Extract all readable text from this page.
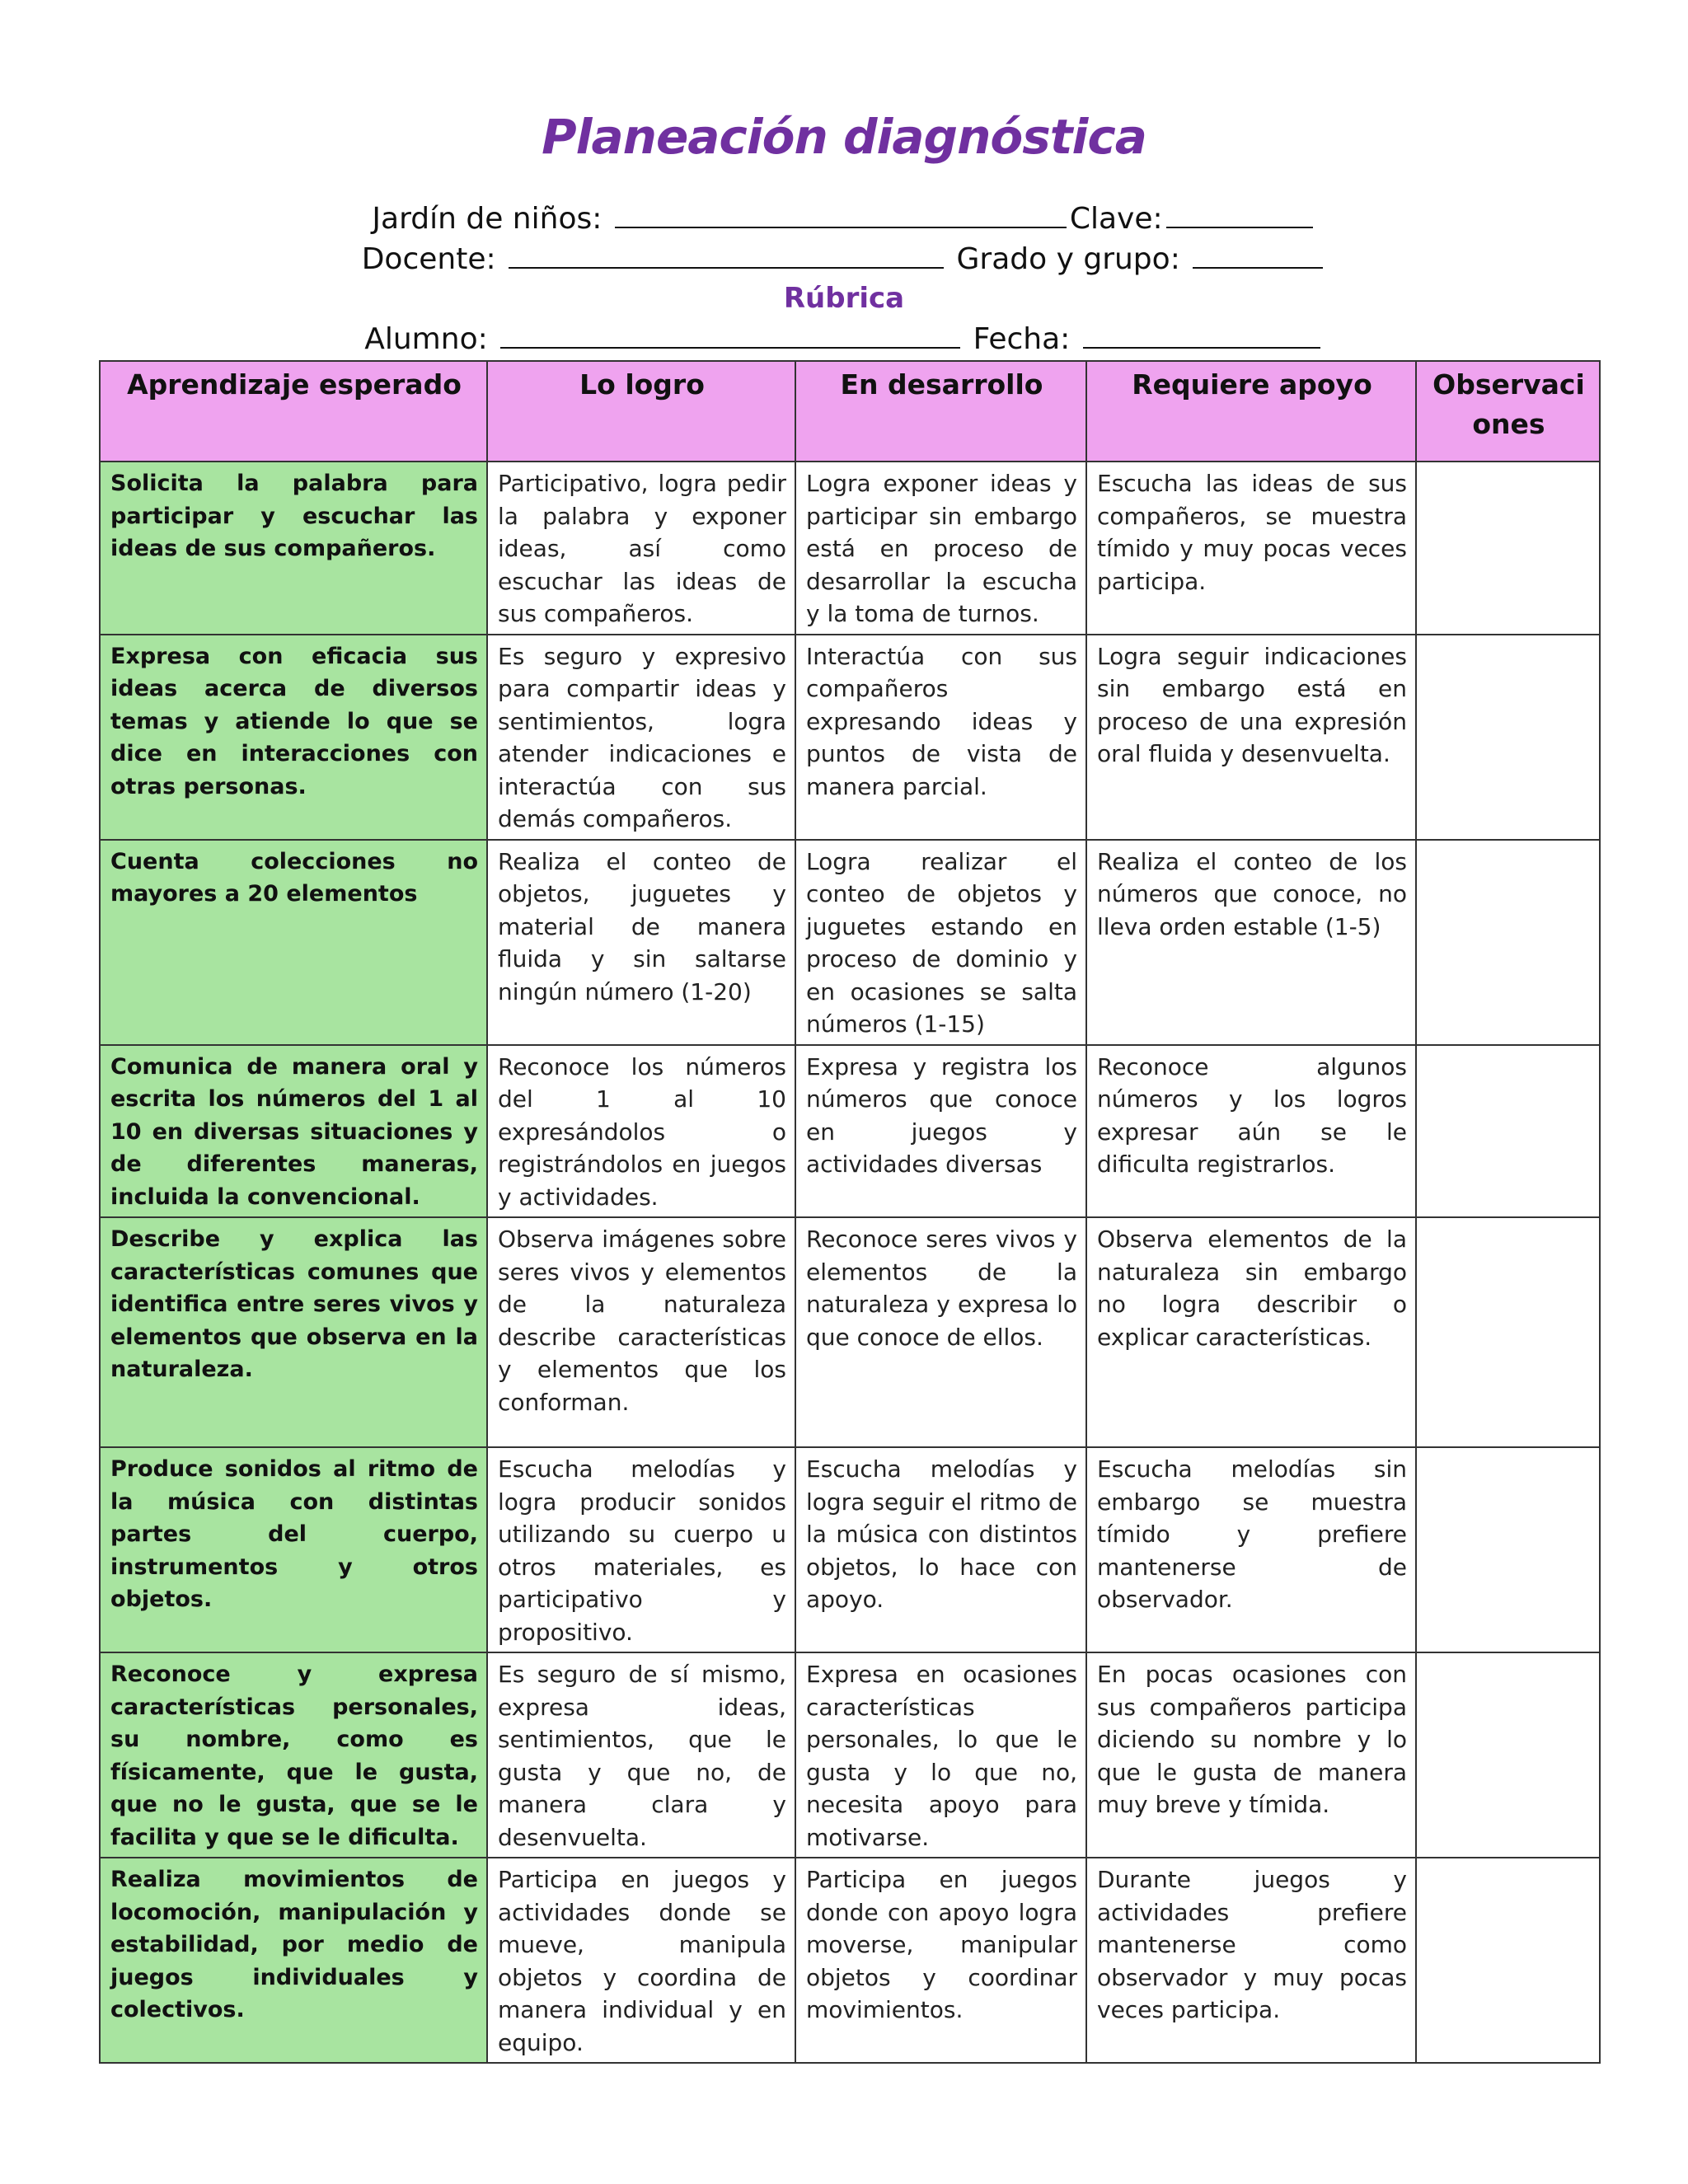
Planeación diagnóstica
Jardín de niños:	Clave:
Docente:	Grado y grupo:
Rúbrica
Alumno:	Fecha:
Aprendizaje esperado	Lo logro	En desarrollo	Requiere apoyo	Observaciones
Solicita la palabra para participar y escuchar las ideas de sus compañeros.	Participativo, logra pedir la palabra y exponer ideas, así como escuchar las ideas de sus compañeros.	Logra exponer ideas y participar sin embargo está en proceso de desarrollar la escucha y la toma de turnos.	Escucha las ideas de sus compañeros, se muestra tímido y muy pocas veces participa.	
Expresa con eficacia sus ideas acerca de diversos temas y atiende lo que se dice en interacciones con otras personas.	Es seguro y expresivo para compartir ideas y sentimientos, logra atender indicaciones e interactúa con sus demás compañeros.	Interactúa con sus compañeros expresando ideas y puntos de vista de manera parcial.	Logra seguir indicaciones sin embargo está en proceso de una expresión oral fluida y desenvuelta.	
Cuenta colecciones no mayores a 20 elementos	Realiza el conteo de objetos, juguetes y material de manera fluida y sin saltarse ningún número (1-20)	Logra realizar el conteo de objetos y juguetes estando en proceso de dominio y en ocasiones se salta números (1-15)	Realiza el conteo de los números que conoce, no lleva orden estable (1-5)	
Comunica de manera oral y escrita los números del 1 al 10 en diversas situaciones y de diferentes maneras, incluida la convencional.	Reconoce los números del 1 al 10 expresándolos o registrándolos en juegos y actividades.	Expresa y registra los números que conoce en juegos y actividades diversas	Reconoce algunos números y los logros expresar aún se le dificulta registrarlos.	
Describe y explica las características comunes que identifica entre seres vivos y elementos que observa en la naturaleza.	Observa imágenes sobre seres vivos y elementos de la naturaleza describe características y elementos que los conforman.	Reconoce seres vivos y elementos de la naturaleza y expresa lo que conoce de ellos.	Observa elementos de la naturaleza sin embargo no logra describir o explicar características.	
Produce sonidos al ritmo de la música con distintas partes del cuerpo, instrumentos y otros objetos.	Escucha melodías y logra producir sonidos utilizando su cuerpo u otros materiales, es participativo y propositivo.	Escucha melodías y logra seguir el ritmo de la música con distintos objetos, lo hace con apoyo.	Escucha melodías sin embargo se muestra tímido y prefiere mantenerse de observador.	
Reconoce y expresa características personales, su nombre, como es físicamente, que le gusta, que no le gusta, que se le facilita y que se le dificulta.	Es seguro de sí mismo, expresa ideas, sentimientos, que le gusta y que no, de manera clara y desenvuelta.	Expresa en ocasiones características personales, lo que le gusta y lo que no, necesita apoyo para motivarse.	En pocas ocasiones con sus compañeros participa diciendo su nombre y lo que le gusta de manera muy breve y tímida.	
Realiza movimientos de locomoción, manipulación y estabilidad, por medio de juegos individuales y colectivos.	Participa en juegos y actividades donde se mueve, manipula objetos y coordina de manera individual y en equipo.	Participa en juegos donde con apoyo logra moverse, manipular objetos y coordinar movimientos.	Durante juegos y actividades prefiere mantenerse como observador y muy pocas veces participa.	
